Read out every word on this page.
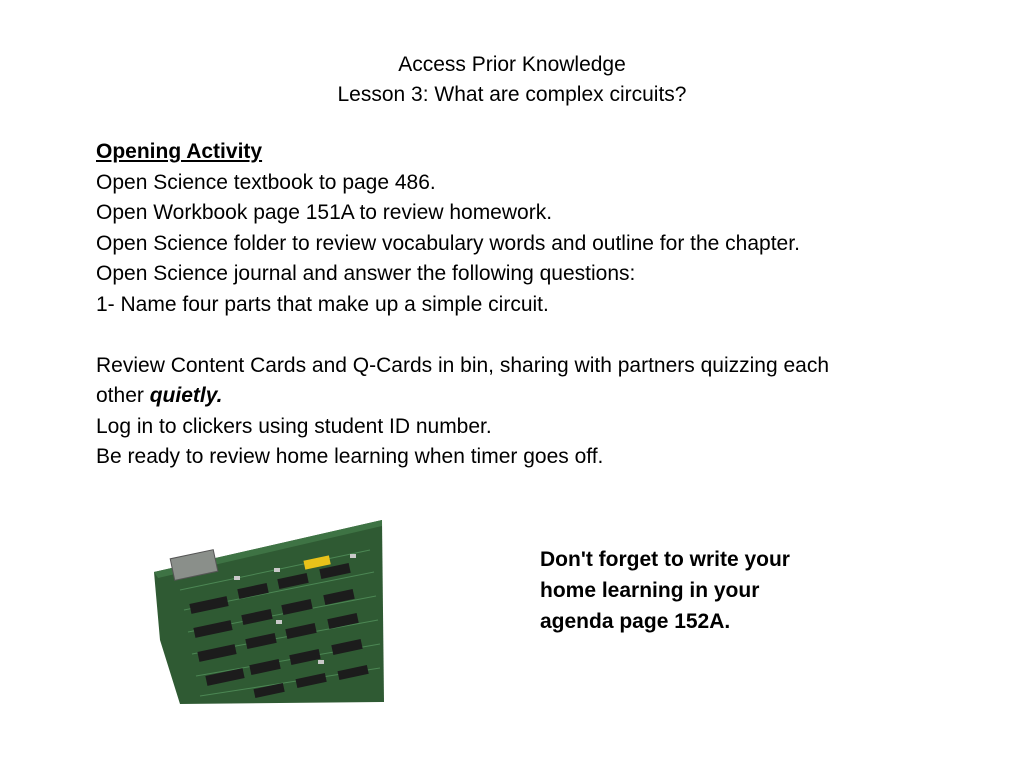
Access Prior Knowledge
Lesson 3: What are complex circuits?
Opening Activity
Open Science textbook to page 486.
Open Workbook page 151A to review homework.
Open Science folder to review vocabulary words and outline for the chapter.
Open Science journal and answer the following questions:
1- Name four parts that make up a simple circuit.
Review Content Cards and Q-Cards in bin, sharing with partners quizzing each
other quietly.
Log in to clickers using student ID number.
Be ready to review home learning when timer goes off.
Don't forget to write your
home learning in your
agenda page 152A.
